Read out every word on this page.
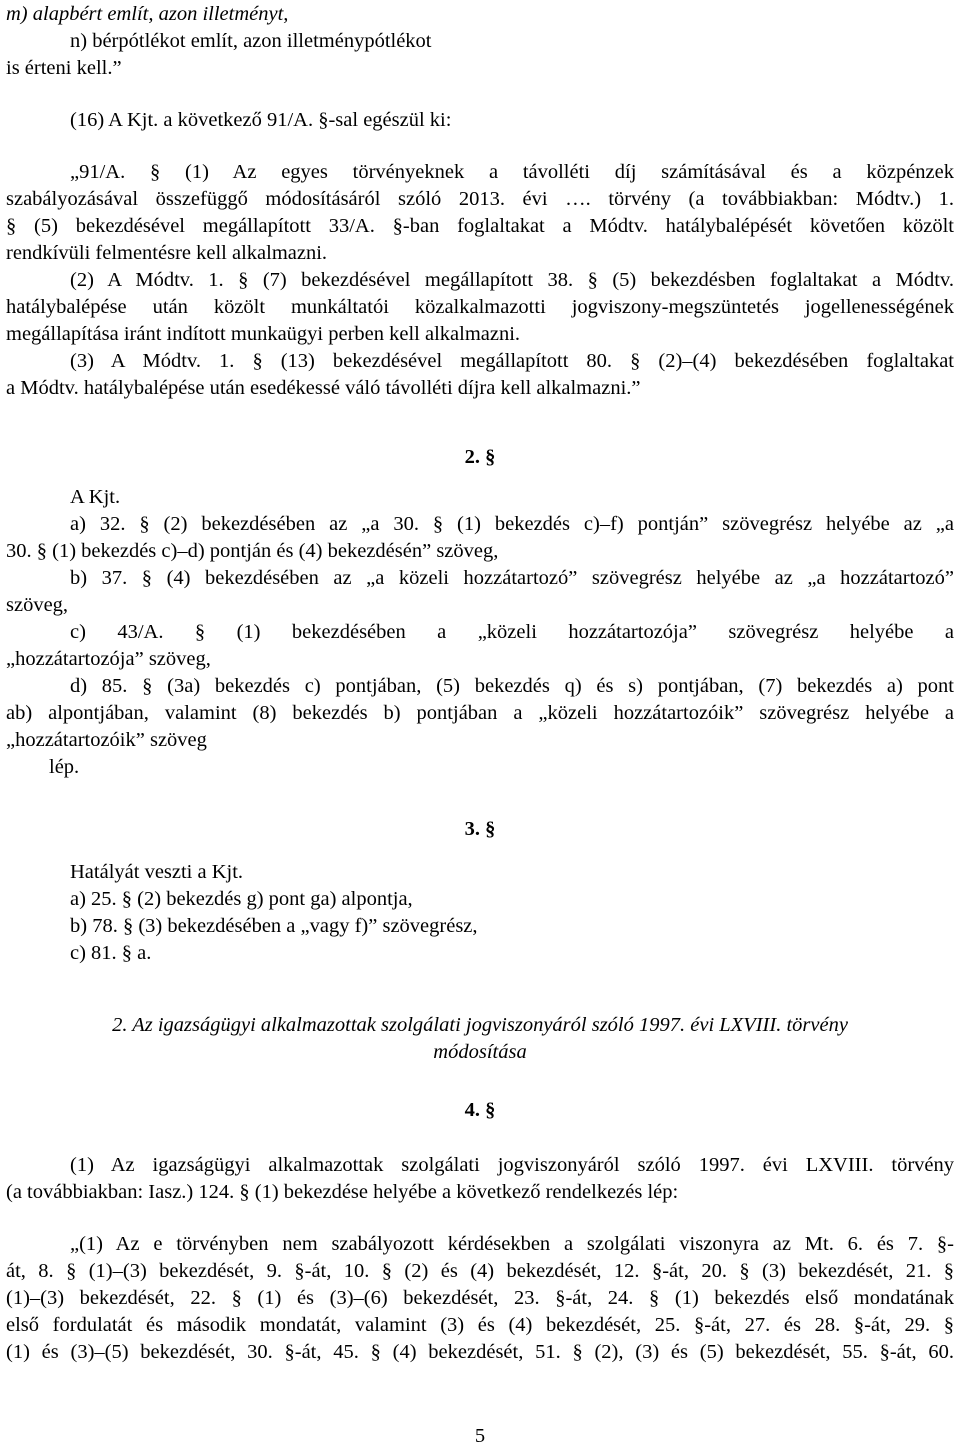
m) alapbért említ, azon illetményt,
n) bérpótlékot említ, azon illetménypótlékot
is érteni kell.”
(16) A Kjt. a következő 91/A. §-sal egészül ki:
„91/A. § (1) Az egyes törvényeknek a távolléti díj számításával és a közpénzek
szabályozásával összefüggő módosításáról szóló 2013. évi …. törvény (a továbbiakban: Módtv.) 1.
§ (5) bekezdésével megállapított 33/A. §-ban foglaltakat a Módtv. hatálybalépését követően közölt
rendkívüli felmentésre kell alkalmazni.
(2) A Módtv. 1. § (7) bekezdésével megállapított 38. § (5) bekezdésben foglaltakat a Módtv.
hatálybalépése után közölt munkáltatói közalkalmazotti jogviszony-megszüntetés jogellenességének
megállapítása iránt indított munkaügyi perben kell alkalmazni.
(3) A Módtv. 1. § (13) bekezdésével megállapított 80. § (2)–(4) bekezdésében foglaltakat
a Módtv. hatálybalépése után esedékessé váló távolléti díjra kell alkalmazni.”
2. §
A Kjt.
a) 32. § (2) bekezdésében az „a 30. § (1) bekezdés c)–f) pontján” szövegrész helyébe az „a
30. § (1) bekezdés c)–d) pontján és (4) bekezdésén” szöveg,
b) 37. § (4) bekezdésében az „a közeli hozzátartozó” szövegrész helyébe az „a hozzátartozó”
szöveg,
c) 43/A. § (1) bekezdésében a „közeli hozzátartozója” szövegrész helyébe a
„hozzátartozója” szöveg,
d) 85. § (3a) bekezdés c) pontjában, (5) bekezdés q) és s) pontjában, (7) bekezdés a) pont
ab) alpontjában, valamint (8) bekezdés b) pontjában a „közeli hozzátartozóik” szövegrész helyébe a
„hozzátartozóik” szöveg
lép.
3. §
Hatályát veszti a Kjt.
a) 25. § (2) bekezdés g) pont ga) alpontja,
b) 78. § (3) bekezdésében a „vagy f)” szövegrész,
c) 81. § a.
2. Az igazságügyi alkalmazottak szolgálati jogviszonyáról szóló 1997. évi LXVIII. törvény
módosítása
4. §
(1) Az igazságügyi alkalmazottak szolgálati jogviszonyáról szóló 1997. évi LXVIII. törvény
(a továbbiakban: Iasz.) 124. § (1) bekezdése helyébe a következő rendelkezés lép:
„(1) Az e törvényben nem szabályozott kérdésekben a szolgálati viszonyra az Mt. 6. és 7. §-
át, 8. § (1)–(3) bekezdését, 9. §-át, 10. § (2) és (4) bekezdését, 12. §-át, 20. § (3) bekezdését, 21. §
(1)–(3) bekezdését, 22. § (1) és (3)–(6) bekezdését, 23. §-át, 24. § (1) bekezdés első mondatának
első fordulatát és második mondatát, valamint (3) és (4) bekezdését, 25. §-át, 27. és 28. §-át, 29. §
(1) és (3)–(5) bekezdését, 30. §-át, 45. § (4) bekezdését, 51. § (2), (3) és (5) bekezdését, 55. §-át, 60.
5
